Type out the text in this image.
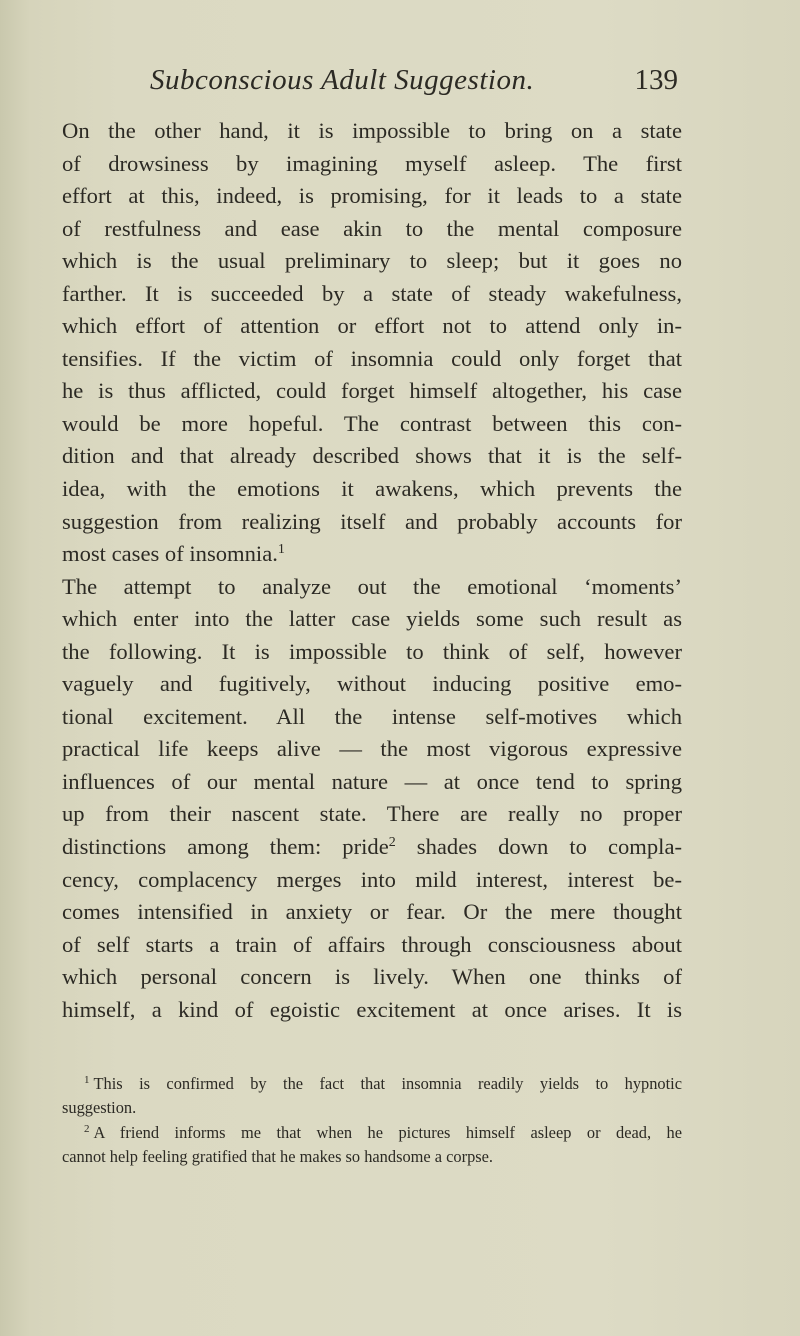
Subconscious Adult Suggestion.	139
On the other hand, it is impossible to bring on a state
of drowsiness by imagining myself asleep. The first
effort at this, indeed, is promising, for it leads to a state
of restfulness and ease akin to the mental composure
which is the usual preliminary to sleep; but it goes no
farther. It is succeeded by a state of steady wakefulness,
which effort of attention or effort not to attend only in-
tensifies. If the victim of insomnia could only forget that
he is thus afflicted, could forget himself altogether, his case
would be more hopeful. The contrast between this con-
dition and that already described shows that it is the self-
idea, with the emotions it awakens, which prevents the
suggestion from realizing itself and probably accounts for
most cases of insomnia.$^1$
The attempt to analyze out the emotional ‘moments’
which enter into the latter case yields some such result as
the following. It is impossible to think of self, however
vaguely and fugitively, without inducing positive emo-
tional excitement. All the intense self-motives which
practical life keeps alive — the most vigorous expressive
influences of our mental nature — at once tend to spring
up from their nascent state. There are really no proper
distinctions among them: pride$^2$ shades down to compla-
cency, complacency merges into mild interest, interest be-
comes intensified in anxiety or fear. Or the mere thought
of self starts a train of affairs through consciousness about
which personal concern is lively. When one thinks of
himself, a kind of egoistic excitement at once arises. It is
$^1$ This is confirmed by the fact that insomnia readily yields to hypnotic
suggestion.
$^2$ A friend informs me that when he pictures himself asleep or dead, he
cannot help feeling gratified that he makes so handsome a corpse.
